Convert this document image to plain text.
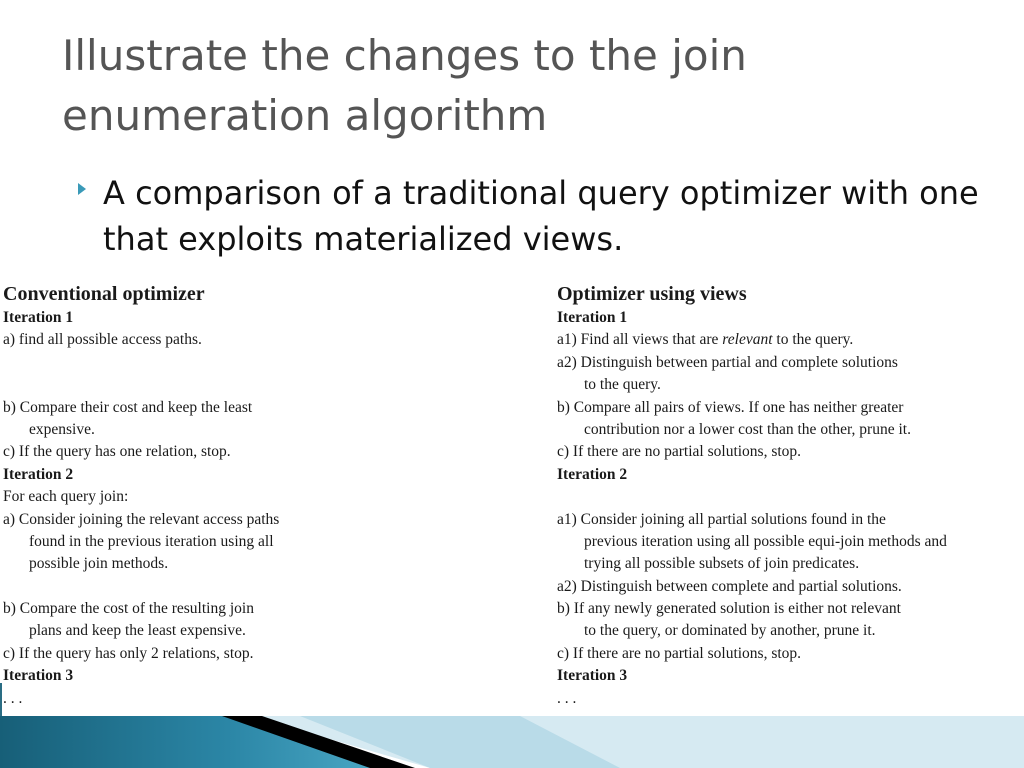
Illustrate the changes to the join enumeration algorithm

A comparison of a traditional query optimizer with one that exploits materialized views.

Conventional optimizer
Iteration 1
a) find all possible access paths.
b) Compare their cost and keep the least
expensive.
c) If the query has one relation, stop.
Iteration 2
For each query join:
a) Consider joining the relevant access paths
found in the previous iteration using all
possible join methods.
b) Compare the cost of the resulting join
plans and keep the least expensive.
c) If the query has only 2 relations, stop.
Iteration 3
. . .
Optimizer using views
Iteration 1
a1) Find all views that are relevant to the query.
a2) Distinguish between partial and complete solutions
to the query.
b) Compare all pairs of views. If one has neither greater
contribution nor a lower cost than the other, prune it.
c) If there are no partial solutions, stop.
Iteration 2
a1) Consider joining all partial solutions found in the
previous iteration using all possible equi-join methods and
trying all possible subsets of join predicates.
a2) Distinguish between complete and partial solutions.
b) If any newly generated solution is either not relevant
to the query, or dominated by another, prune it.
c) If there are no partial solutions, stop.
Iteration 3
. . .
